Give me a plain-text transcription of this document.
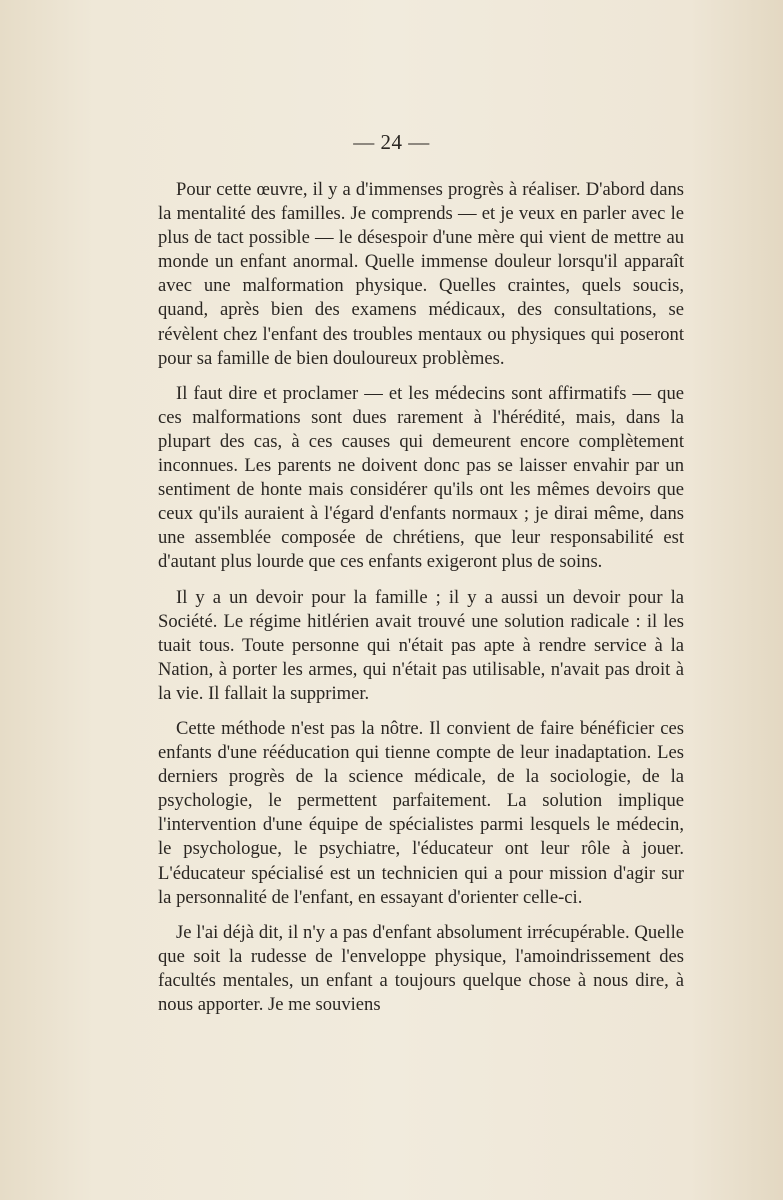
— 24 —

Pour cette œuvre, il y a d'immenses progrès à réaliser. D'abord dans la mentalité des familles. Je comprends — et je veux en parler avec le plus de tact possible — le désespoir d'une mère qui vient de mettre au monde un enfant anormal. Quelle immense douleur lorsqu'il apparaît avec une malformation physique. Quelles craintes, quels soucis, quand, après bien des examens médicaux, des consultations, se révèlent chez l'enfant des troubles mentaux ou physiques qui poseront pour sa famille de bien douloureux problèmes.

Il faut dire et proclamer — et les médecins sont affirmatifs — que ces malformations sont dues rarement à l'hérédité, mais, dans la plupart des cas, à ces causes qui demeurent encore complètement inconnues. Les parents ne doivent donc pas se laisser envahir par un sentiment de honte mais considérer qu'ils ont les mêmes devoirs que ceux qu'ils auraient à l'égard d'enfants normaux ; je dirai même, dans une assemblée composée de chrétiens, que leur responsabilité est d'autant plus lourde que ces enfants exigeront plus de soins.

Il y a un devoir pour la famille ; il y a aussi un devoir pour la Société. Le régime hitlérien avait trouvé une solution radicale : il les tuait tous. Toute personne qui n'était pas apte à rendre service à la Nation, à porter les armes, qui n'était pas utilisable, n'avait pas droit à la vie. Il fallait la supprimer.

Cette méthode n'est pas la nôtre. Il convient de faire bénéficier ces enfants d'une rééducation qui tienne compte de leur inadaptation. Les derniers progrès de la science médicale, de la sociologie, de la psychologie, le permettent parfaitement. La solution implique l'intervention d'une équipe de spécialistes parmi lesquels le médecin, le psychologue, le psychiatre, l'éducateur ont leur rôle à jouer. L'éducateur spécialisé est un technicien qui a pour mission d'agir sur la personnalité de l'enfant, en essayant d'orienter celle-ci.

Je l'ai déjà dit, il n'y a pas d'enfant absolument irrécupérable. Quelle que soit la rudesse de l'enveloppe physique, l'amoindrissement des facultés mentales, un enfant a toujours quelque chose à nous dire, à nous apporter. Je me souviens
